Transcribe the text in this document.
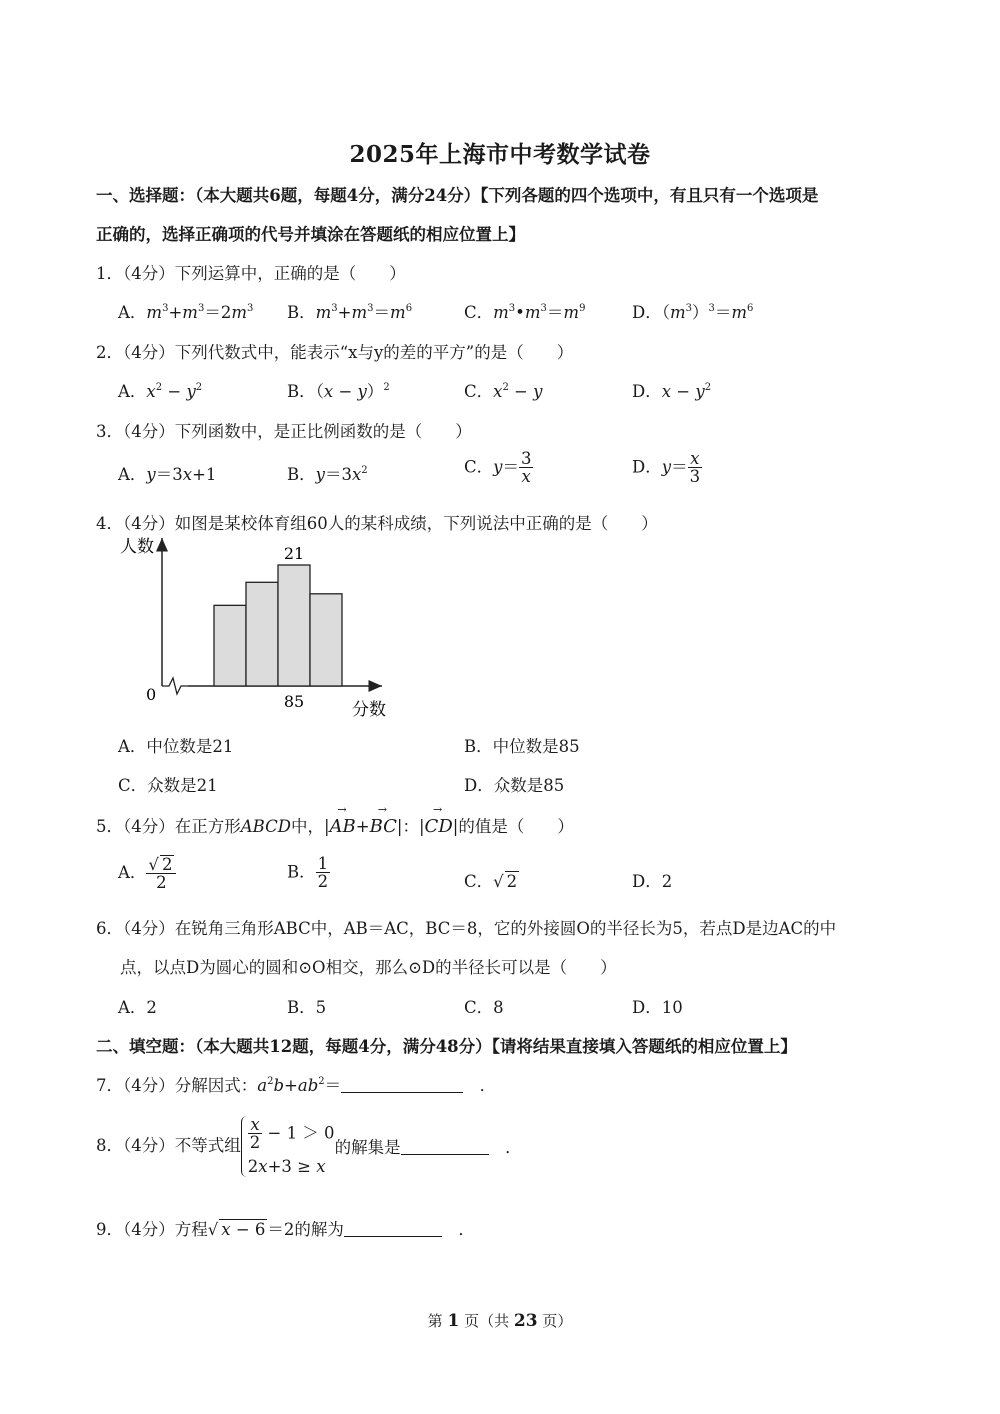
2025年上海市中考数学试卷
一、选择题：（本大题共6题，每题4分，满分24分）【下列各题的四个选项中，有且只有一个选项是
正确的，选择正确项的代号并填涂在答题纸的相应位置上】
1．（4分）下列运算中，正确的是（　　）
A．$m^3+m^3=2m^3$ B．$m^3+m^3=m^6$	C．$m^3•m^3=m^9$	D．$(m^3)^3=m^6$
2．（4分）下列代数式中，能表示“x与y的差的平方”的是（　　）
A．$x^2 - y^2$	B．$(x - y)^2$	C．$x^2 - y$	D．$x - y^2$
3．（4分）下列函数中，是正比例函数的是（　　）
A．y＝3x+1	B．$y=3x^2$	C．$y= \frac{3}{x}$	D．$y= \frac{x}{3}$
4．（4分）如图是某校体育组60人的某科成绩，下列说法中正确的是（　　）
人数
0
分数
21
85
A．中位数是21	B．中位数是85
C．众数是21	D．众数是85
5．（4分）在正方形ABCD中，|→ AB+→ BC|：|→ CD|的值是（　　）
A． $\frac{√ 2}{2}$	B． $\frac{1}{2}$	C．√ 2	D．2
6．（4分）在锐角三角形ABC中，AB＝AC，BC＝8，它的外接圆O的半径长为5，若点D是边AC的中
点，以点D为圆心的圆和⊙O相交，那么⊙D的半径长可以是（　　）
A．2	B．5	C．8	D．10
二、填空题：（本大题共12题，每题4分，满分48分）【请将结果直接填入答题纸的相应位置上】
7．（4分）分解因式：$a^2b+ab^2=$　	．
8．（4分）不等式组 $\frac{x}{2} - 1 > 0$
2x+3 ≥ x
的解集是　	．
9．（4分）方程√ x − 6 ＝2的解为　	．
第 1 页（共 23 页）
